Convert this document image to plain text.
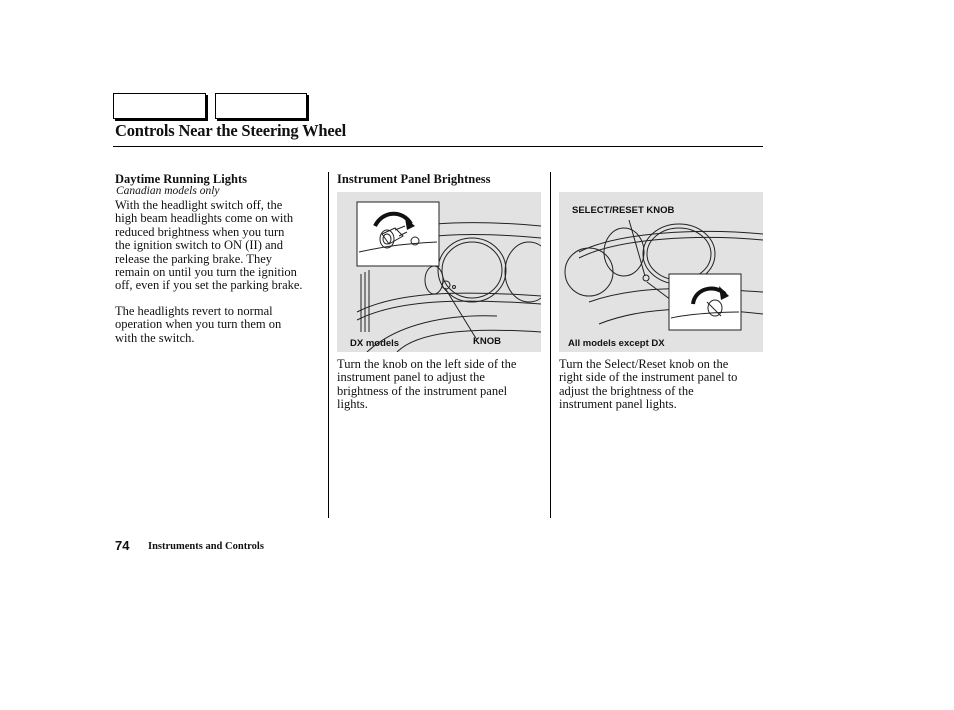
Controls Near the Steering Wheel
Daytime Running Lights
Canadian models only
With the headlight switch off, the
high beam headlights come on with
reduced brightness when you turn
the ignition switch to ON (II) and
release the parking brake. They
remain on until you turn the ignition
off, even if you set the parking brake.
The headlights revert to normal
operation when you turn them on
with the switch.
Instrument Panel Brightness
DX models	KNOB
Turn the knob on the left side of the
instrument panel to adjust the
brightness of the instrument panel
lights.
SELECT/RESET KNOB
All models except DX
Turn the Select/Reset knob on the
right side of the instrument panel to
adjust the brightness of the
instrument panel lights.
74 Instruments and Controls
